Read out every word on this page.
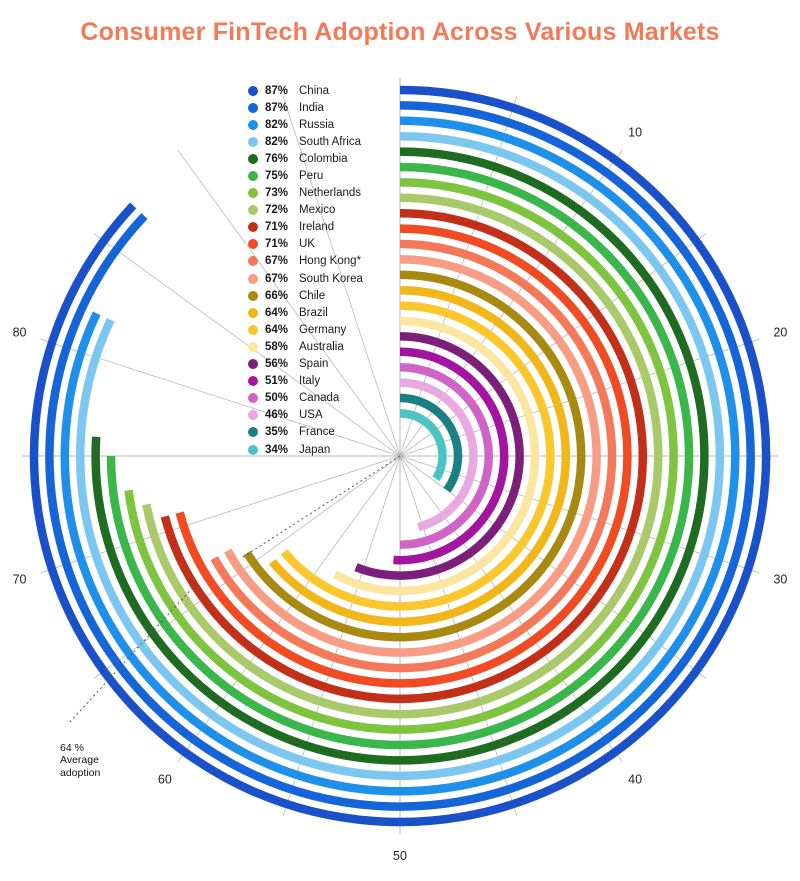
Consumer FinTech Adoption Across Various Markets
10
20
30
40
50
60
70
80
87% China
87% India
82% Russia
82% South Africa
76% Colombia
75% Peru
73% Netherlands
72% Mexico
71% Ireland
71% UK
67% Hong Kong*
67% South Korea
66% Chile
64% Brazil
64% Germany
58% Australia
56% Spain
51% Italy
50% Canada
46% USA
35% France
34% Japan
64 %
Average
adoption
